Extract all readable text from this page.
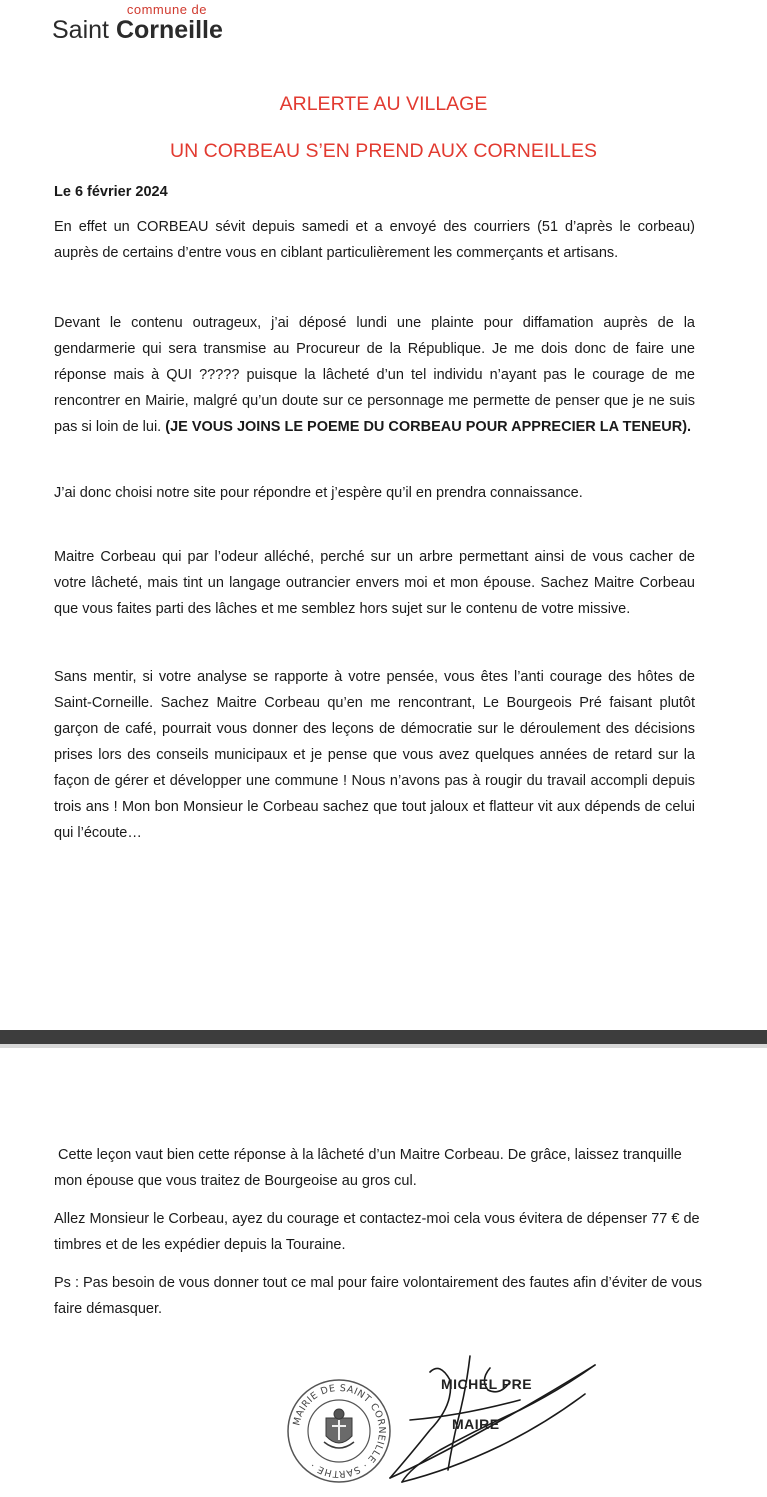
commune de
Saint Corneille
ARLERTE AU VILLAGE
UN CORBEAU S’EN PREND AUX CORNEILLES
Le 6 février 2024

En effet un CORBEAU sévit depuis samedi et a envoyé des courriers (51 d’après le corbeau) auprès de certains d’entre vous en ciblant particulièrement les commerçants et artisans.

Devant le contenu outrageux, j’ai déposé lundi une plainte pour diffamation auprès de la gendarmerie qui sera transmise au Procureur de la République. Je me dois donc de faire une réponse mais à QUI ????? puisque la lâcheté d’un tel individu n’ayant pas le courage de me rencontrer en Mairie, malgré qu’un doute sur ce personnage me permette de penser que je ne suis pas si loin de lui. (JE VOUS JOINS LE POEME DU CORBEAU POUR APPRECIER LA TENEUR).

J’ai donc choisi notre site pour répondre et j’espère qu’il en prendra connaissance.

Maitre Corbeau qui par l’odeur alléché, perché sur un arbre permettant ainsi de vous cacher de votre lâcheté, mais tint un langage outrancier envers moi et mon épouse. Sachez Maitre Corbeau que vous faites parti des lâches et me semblez hors sujet sur le contenu de votre missive.

Sans mentir, si votre analyse se rapporte à votre pensée, vous êtes l’anti courage des hôtes de Saint-Corneille. Sachez Maitre Corbeau qu’en me rencontrant, Le Bourgeois Pré faisant plutôt garçon de café, pourrait vous donner des leçons de démocratie sur le déroulement des décisions prises lors des conseils municipaux et je pense que vous avez quelques années de retard sur la façon de gérer et développer une commune ! Nous n’avons pas à rougir du travail accompli depuis trois ans ! Mon bon Monsieur le Corbeau sachez que tout jaloux et flatteur vit aux dépends de celui qui l’écoute…

Cette leçon vaut bien cette réponse à la lâcheté d’un Maitre Corbeau. De grâce, laissez tranquille mon épouse que vous traitez de Bourgeoise au gros cul.

Allez Monsieur le Corbeau, ayez du courage et contactez-moi cela vous évitera de dépenser 77 € de timbres et de les expédier depuis la Touraine.

Ps : Pas besoin de vous donner tout ce mal pour faire volontairement des fautes afin d’éviter de vous faire démasquer.

MAIRIE DE SAINT CORNEILLE · SARTHE ·
MICHEL PRE
MAIRE
